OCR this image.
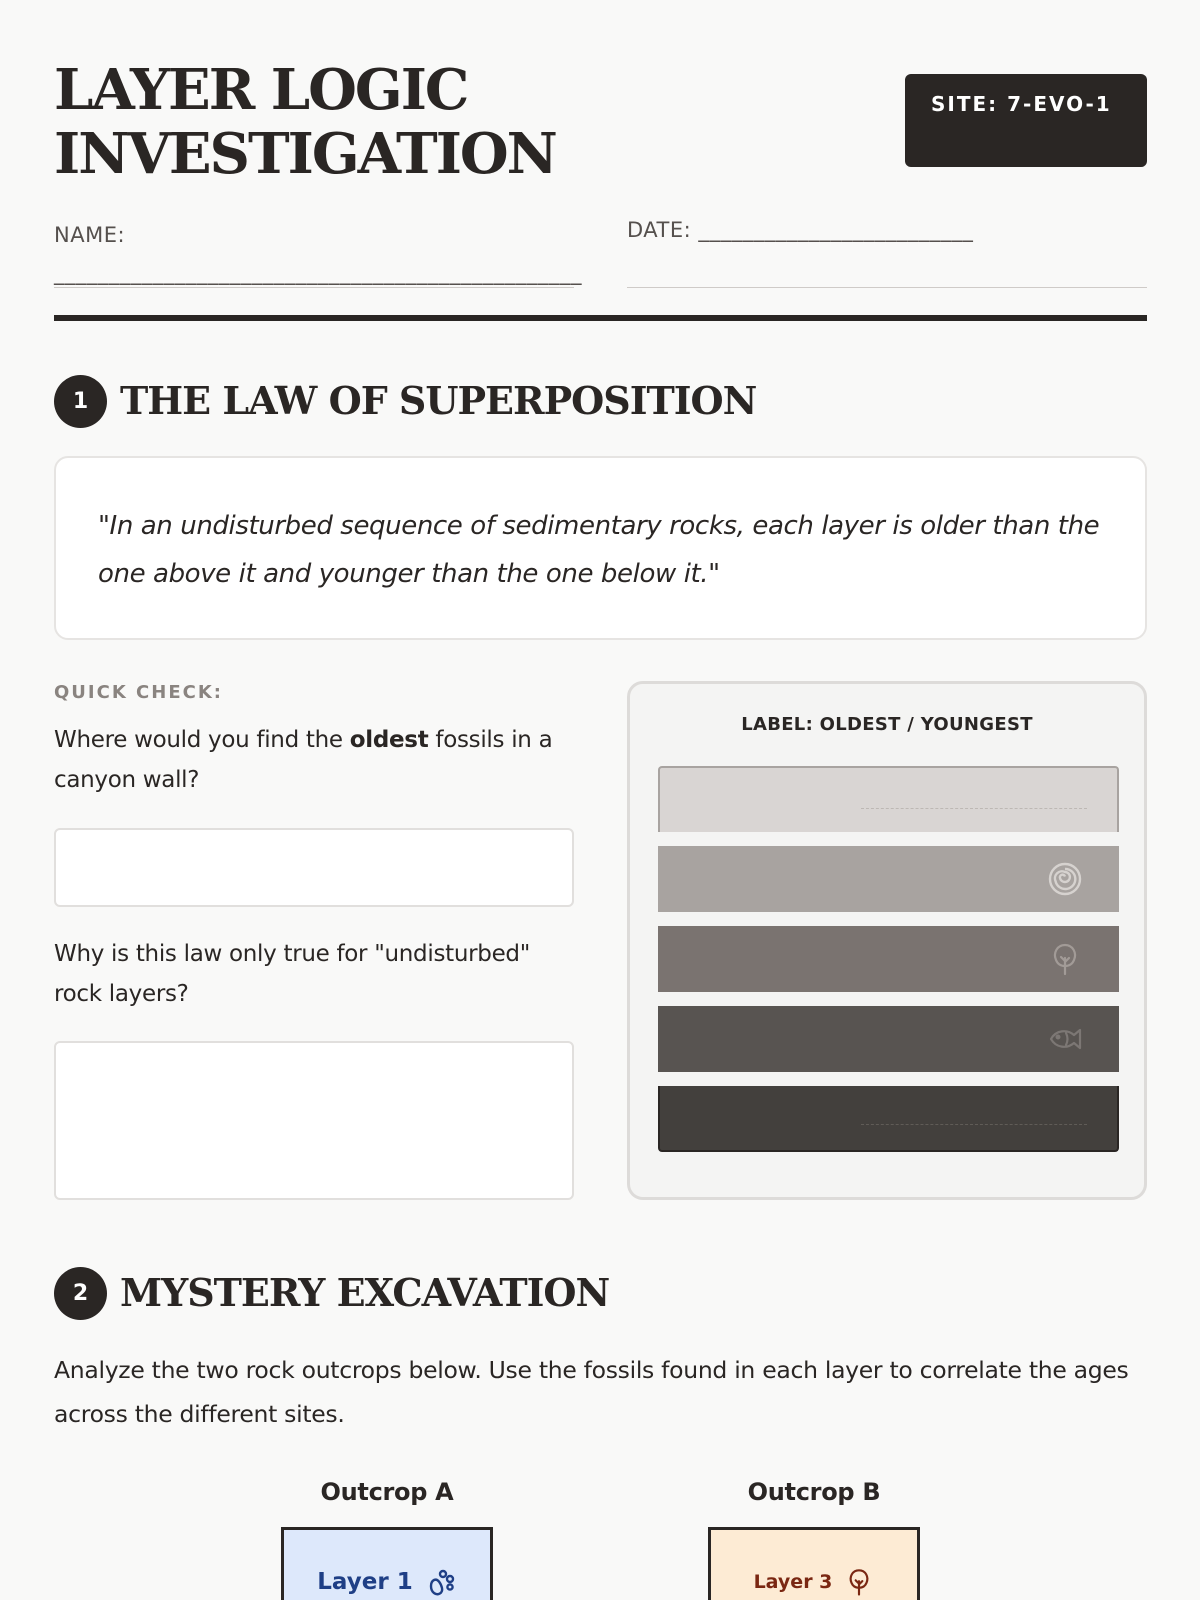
LAYER LOGIC
INVESTIGATION
SITE: 7-EVO-1
NAME: ________________________________________________
DATE: _________________________
1 THE LAW OF SUPERPOSITION
"In an undisturbed sequence of sedimentary rocks, each layer is older than the one above it and younger than the one below it."
QUICK CHECK:
Where would you find the oldest fossils in a canyon wall?
Why is this law only true for "undisturbed" rock layers?
LABEL: OLDEST / YOUNGEST
2 MYSTERY EXCAVATION
Analyze the two rock outcrops below. Use the fossils found in each layer to correlate the ages across the different sites.
Outcrop A
Layer 1
Outcrop B
Layer 3
